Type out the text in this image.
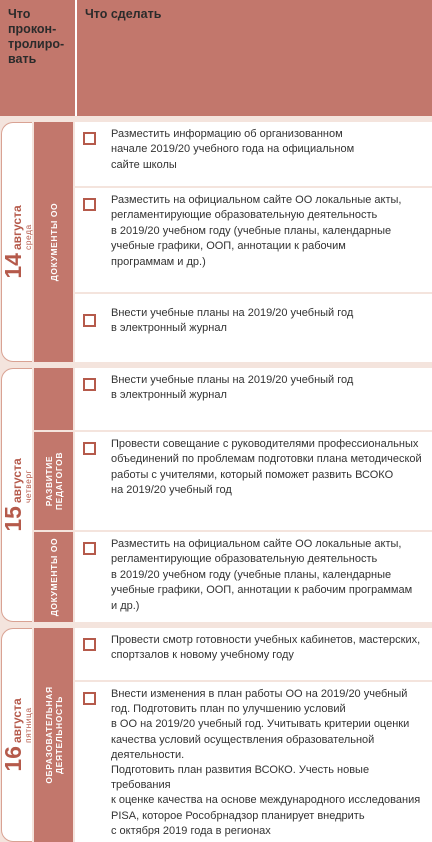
Что
прокон-
тролиро-
вать
Что сделать
14
августа среда ДОКУМЕНТЫ ОО
Разместить информацию об организованном
начале 2019/20 учебного года на официальном
сайте школы
Разместить на официальном сайте ОО локальные акты,
регламентирующие образовательную деятельность
в 2019/20 учебном году (учебные планы, календарные
учебные графики, ООП, аннотации к рабочим
программам и др.)
Внести учебные планы на 2019/20 учебный год
в электронный журнал
15
августа четверг РАЗВИТИЕ
ПЕДАГОГОВ
ДОКУМЕНТЫ ОО
Внести учебные планы на 2019/20 учебный год
в электронный журнал
Провести совещание с руководителями профессиональных
объединений по проблемам подготовки плана методической
работы с учителями, который поможет развить ВСОКО
на 2019/20 учебный год
Разместить на официальном сайте ОО локальные акты,
регламентирующие образовательную деятельность
в 2019/20 учебном году (учебные планы, календарные
учебные графики, ООП, аннотации к рабочим программам
и др.)
16
августа пятница ОБРАЗОВАТЕЛЬНАЯ
ДЕЯТЕЛЬНОСТЬ
Провести смотр готовности учебных кабинетов, мастерских,
спортзалов к новому учебному году
Внести изменения в план работы ОО на 2019/20 учебный
год. Подготовить план по улучшению условий
в ОО на 2019/20 учебный год. Учитывать критерии оценки
качества условий осуществления образовательной
деятельности.
Подготовить план развития ВСОКО. Учесть новые требования
к оценке качества на основе международного исследования
PISA, которое Рособрнадзор планирует внедрить
с октября 2019 года в регионах
